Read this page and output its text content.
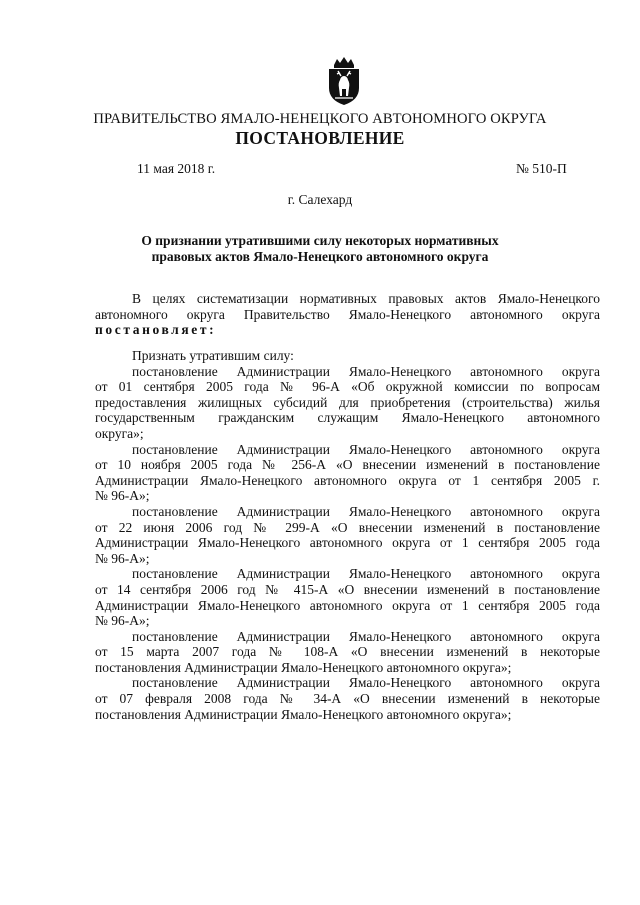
ПРАВИТЕЛЬСТВО ЯМАЛО-НЕНЕЦКОГО АВТОНОМНОГО ОКРУГА
ПОСТАНОВЛЕНИЕ
11 мая 2018 г.	№ 510-П
г. Салехард
О признании утратившими силу некоторых нормативных
правовых актов Ямало-Ненецкого автономного округа
В целях систематизации нормативных правовых актов Ямало-Ненецкого
автономного округа Правительство Ямало-Ненецкого автономного округа
постановляет:
Признать утратившим силу:
постановление Администрации Ямало-Ненецкого автономного округа
от 01 сентября 2005 года № 96-А «Об окружной комиссии по вопросам
предоставления жилищных субсидий для приобретения (строительства) жилья
государственным гражданским служащим Ямало-Ненецкого автономного
округа»;
постановление Администрации Ямало-Ненецкого автономного округа
от 10 ноября 2005 года № 256-А «О внесении изменений в постановление
Администрации Ямало-Ненецкого автономного округа от 1 сентября 2005 г.
№ 96-А»;
постановление Администрации Ямало-Ненецкого автономного округа
от 22 июня 2006 год № 299-А «О внесении изменений в постановление
Администрации Ямало-Ненецкого автономного округа от 1 сентября 2005 года
№ 96-А»;
постановление Администрации Ямало-Ненецкого автономного округа
от 14 сентября 2006 год № 415-А «О внесении изменений в постановление
Администрации Ямало-Ненецкого автономного округа от 1 сентября 2005 года
№ 96-А»;
постановление Администрации Ямало-Ненецкого автономного округа
от 15 марта 2007 года № 108-А «О внесении изменений в некоторые
постановления Администрации Ямало-Ненецкого автономного округа»;
постановление Администрации Ямало-Ненецкого автономного округа
от 07 февраля 2008 года № 34-А «О внесении изменений в некоторые
постановления Администрации Ямало-Ненецкого автономного округа»;
